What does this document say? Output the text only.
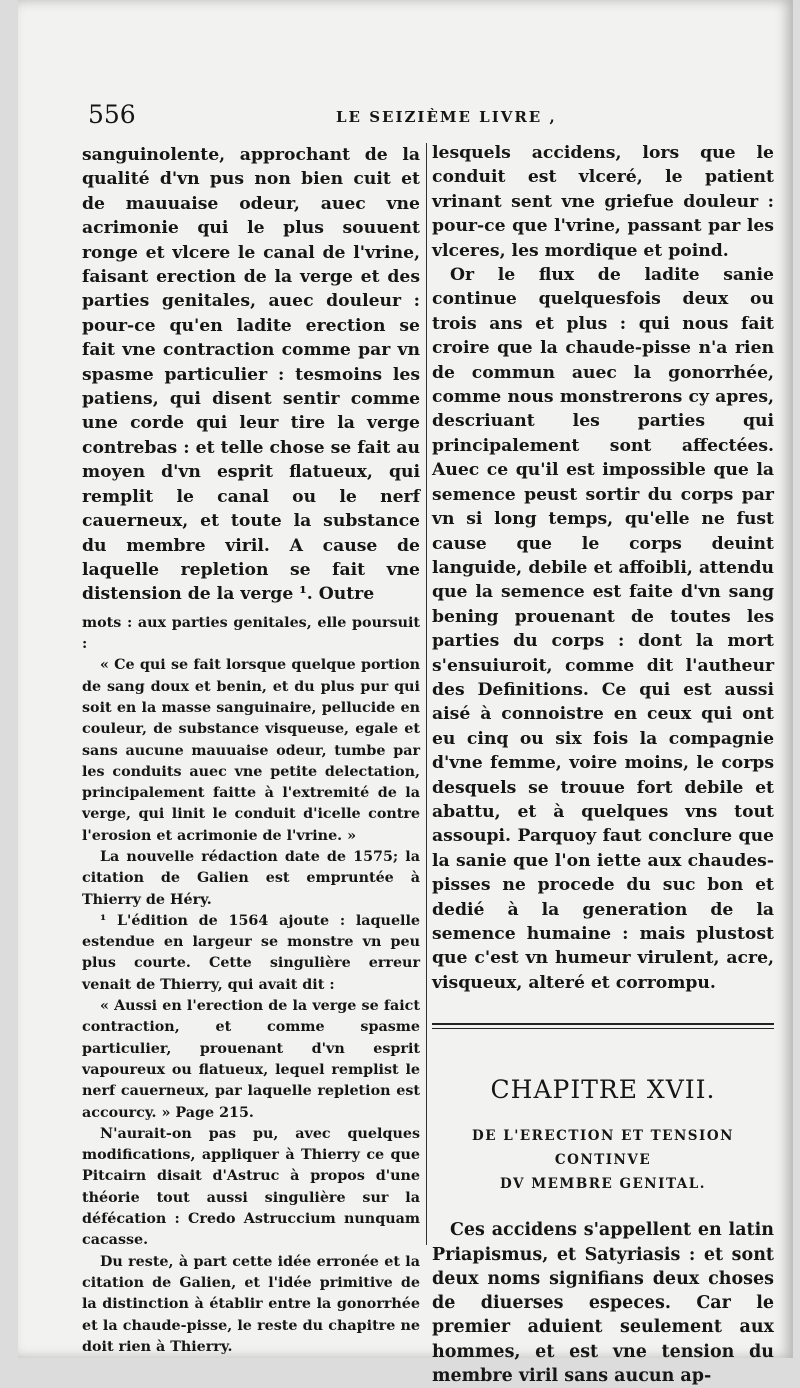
556	LE SEIZIÈME LIVRE ,

sanguinolente, approchant de la qualité d'vn pus non bien cuit et de mauuaise odeur, auec vne acrimonie qui le plus souuent ronge et vlcere le canal de l'vrine, faisant erection de la verge et des parties genitales, auec douleur : pour-ce qu'en ladite erection se fait vne contraction comme par vn spasme particulier : tesmoins les patiens, qui disent sentir comme une corde qui leur tire la verge contrebas : et telle chose se fait au moyen d'vn esprit flatueux, qui remplit le canal ou le nerf cauerneux, et toute la substance du membre viril. A cause de laquelle repletion se fait vne distension de la verge ¹. Outre

mots : aux parties genitales, elle poursuit :

« Ce qui se fait lorsque quelque portion de sang doux et benin, et du plus pur qui soit en la masse sanguinaire, pellucide en couleur, de substance visqueuse, egale et sans aucune mauuaise odeur, tumbe par les conduits auec vne petite delectation, principalement faitte à l'extremité de la verge, qui linit le conduit d'icelle contre l'erosion et acrimonie de l'vrine. »

La nouvelle rédaction date de 1575; la citation de Galien est empruntée à Thierry de Héry.

¹ L'édition de 1564 ajoute : laquelle estendue en largeur se monstre vn peu plus courte. Cette singulière erreur venait de Thierry, qui avait dit :

« Aussi en l'erection de la verge se faict contraction, et comme spasme particulier, prouenant d'vn esprit vapoureux ou flatueux, lequel remplist le nerf cauerneux, par laquelle repletion est accourcy. » Page 215.

N'aurait-on pas pu, avec quelques modifications, appliquer à Thierry ce que Pitcairn disait d'Astruc à propos d'une théorie tout aussi singulière sur la défécation : Credo Astruccium nunquam cacasse.

Du reste, à part cette idée erronée et la citation de Galien, et l'idée primitive de la distinction à établir entre la gonorrhée et la chaude-pisse, le reste du chapitre ne doit rien à Thierry.

lesquels accidens, lors que le conduit est vlceré, le patient vrinant sent vne griefue douleur : pour-ce que l'vrine, passant par les vlceres, les mordique et poind.

Or le flux de ladite sanie continue quelquesfois deux ou trois ans et plus : qui nous fait croire que la chaude-pisse n'a rien de commun auec la gonorrhée, comme nous monstrerons cy apres, descriuant les parties qui principalement sont affectées. Auec ce qu'il est impossible que la semence peust sortir du corps par vn si long temps, qu'elle ne fust cause que le corps deuint languide, debile et affoibli, attendu que la semence est faite d'vn sang bening prouenant de toutes les parties du corps : dont la mort s'ensuiuroit, comme dit l'autheur des Definitions. Ce qui est aussi aisé à connoistre en ceux qui ont eu cinq ou six fois la compagnie d'vne femme, voire moins, le corps desquels se trouue fort debile et abattu, et à quelques vns tout assoupi. Parquoy faut conclure que la sanie que l'on iette aux chaudes-pisses ne procede du suc bon et dedié à la generation de la semence humaine : mais plustost que c'est vn humeur virulent, acre, visqueux, alteré et corrompu.

CHAPITRE XVII.
DE L'ERECTION ET TENSION CONTINVE
DV MEMBRE GENITAL.

Ces accidens s'appellent en latin Priapismus, et Satyriasis : et sont deux noms signifians deux choses de diuerses especes. Car le premier aduient seulement aux hommes, et est vne tension du membre viril sans aucun ap-
